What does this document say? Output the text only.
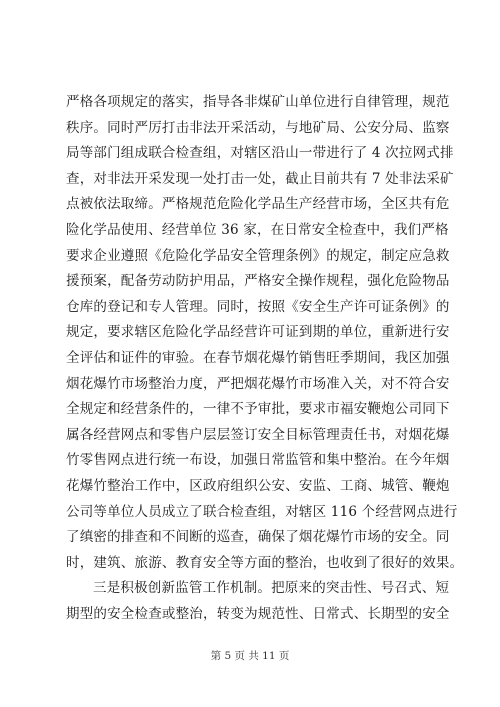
严格各项规定的落实，指导各非煤矿山单位进行自律管理，规范
秩序。同时严厉打击非法开采活动，与地矿局、公安分局、监察
局等部门组成联合检查组，对辖区沿山一带进行了 4 次拉网式排
查，对非法开采发现一处打击一处，截止目前共有 7 处非法采矿
点被依法取缔。严格规范危险化学品生产经营市场，全区共有危
险化学品使用、经营单位 36 家，在日常安全检查中，我们严格
要求企业遵照《危险化学品安全管理条例》的规定，制定应急救
援预案，配备劳动防护用品，严格安全操作规程，强化危险物品
仓库的登记和专人管理。同时，按照《安全生产许可证条例》的
规定，要求辖区危险化学品经营许可证到期的单位，重新进行安
全评估和证件的审验。在春节烟花爆竹销售旺季期间，我区加强
烟花爆竹市场整治力度，严把烟花爆竹市场准入关，对不符合安
全规定和经营条件的，一律不予审批，要求市福安鞭炮公司同下
属各经营网点和零售户层层签订安全目标管理责任书，对烟花爆
竹零售网点进行统一布设，加强日常监管和集中整治。在今年烟
花爆竹整治工作中，区政府组织公安、安监、工商、城管、鞭炮
公司等单位人员成立了联合检查组，对辖区 116 个经营网点进行
了缜密的排查和不间断的巡查，确保了烟花爆竹市场的安全。同
时，建筑、旅游、教育安全等方面的整治，也收到了很好的效果。
三是积极创新监管工作机制。把原来的突击性、号召式、短
期型的安全检查或整治，转变为规范性、日常式、长期型的安全
第 5 页 共 11 页
